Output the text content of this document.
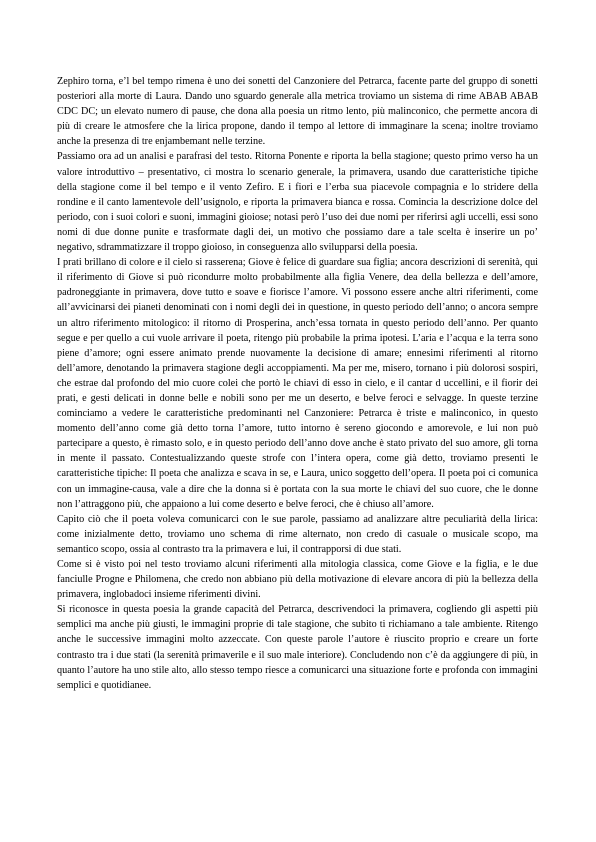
Zephiro torna, e’l bel tempo rimena è uno dei sonetti del Canzoniere del Petrarca, facente parte del gruppo di sonetti posteriori alla morte di Laura. Dando uno sguardo generale alla metrica troviamo un sistema di rime ABAB ABAB CDC DC; un elevato numero di pause, che dona alla poesia un ritmo lento, più malinconico, che permette ancora di più di creare le atmosfere che la lirica propone, dando il tempo al lettore di immaginare la scena; inoltre troviamo anche la presenza di tre enjambemant nelle terzine.

Passiamo ora ad un analisi e parafrasi del testo. Ritorna Ponente e riporta la bella stagione; questo primo verso ha un valore introduttivo – presentativo, ci mostra lo scenario generale, la primavera, usando due caratteristiche tipiche della stagione come il bel tempo e il vento Zefiro. E i fiori e l’erba sua piacevole compagnia e lo stridere della rondine e il canto lamentevole dell’usignolo, e riporta la primavera bianca e rossa. Comincia la descrizione dolce del periodo, con i suoi colori e suoni, immagini gioiose; notasi però l’uso dei due nomi per riferirsi agli uccelli, essi sono nomi di due donne punite e trasformate dagli dei, un motivo che possiamo dare a tale scelta è inserire un po’ negativo, sdrammatizzare il troppo gioioso, in conseguenza allo svilupparsi della poesia.

I prati brillano di colore e il cielo si rasserena; Giove è felice di guardare sua figlia; ancora descrizioni di serenità, qui il riferimento di Giove si può ricondurre molto probabilmente alla figlia Venere, dea della bellezza e dell’amore, padroneggiante in primavera, dove tutto e soave e fiorisce l’amore. Vi possono essere anche altri riferimenti, come all’avvicinarsi dei pianeti denominati con i nomi degli dei in questione, in questo periodo dell’anno; o ancora sempre un altro riferimento mitologico: il ritorno di Prosperina, anch’essa tornata in questo periodo dell’anno. Per quanto segue e per quello a cui vuole arrivare il poeta, ritengo più probabile la prima ipotesi. L’aria e l’acqua e la terra sono piene d’amore; ogni essere animato prende nuovamente la decisione di amare; ennesimi riferimenti al ritorno dell’amore, denotando la primavera stagione degli accoppiamenti. Ma per me, misero, tornano i più dolorosi sospiri, che estrae dal profondo del mio cuore colei che portò le chiavi di esso in cielo, e il cantar d uccellini, e il fiorir dei prati, e gesti delicati in donne belle e nobili sono per me un deserto, e belve feroci e selvagge. In queste terzine cominciamo a vedere le caratteristiche predominanti nel Canzoniere: Petrarca è triste e malinconico, in questo momento dell’anno come già detto torna l’amore, tutto intorno è sereno giocondo e amorevole, e lui non può partecipare a questo, è rimasto solo, e in questo periodo dell’anno dove anche è stato privato del suo amore, gli torna in mente il passato. Contestualizzando queste strofe con l’intera opera, come già detto, troviamo presenti le caratteristiche tipiche: Il poeta che analizza e scava in se, e Laura, unico soggetto dell’opera. Il poeta poi ci comunica con un immagine-causa, vale a dire che la donna si è portata con la sua morte le chiavi del suo cuore, che le donne non l’attraggono più, che appaiono a lui come deserto e belve feroci, che è chiuso all’amore.

Capito ciò che il poeta voleva comunicarci con le sue parole, passiamo ad analizzare altre peculiarità della lirica: come inizialmente detto, troviamo uno schema di rime alternato, non credo di casuale o musicale scopo, ma semantico scopo, ossia al contrasto tra la primavera e lui, il contrapporsi di due stati.

Come si è visto poi nel testo troviamo alcuni riferimenti alla mitologia classica, come Giove e la figlia, e le due fanciulle Progne e Philomena, che credo non abbiano più della motivazione di elevare ancora di più la bellezza della primavera, inglobadoci insieme riferimenti divini.

Si riconosce in questa poesia la grande capacità del Petrarca, descrivendoci la primavera, cogliendo gli aspetti più semplici ma anche più giusti, le immagini proprie di tale stagione, che subito ti richiamano a tale ambiente. Ritengo anche le successive immagini molto azzeccate. Con queste parole l’autore è riuscito proprio e creare un forte contrasto tra i due stati (la serenità primaverile e il suo male interiore). Concludendo non c’è da aggiungere di più, in quanto l’autore ha uno stile alto, allo stesso tempo riesce a comunicarci una situazione forte e profonda con immagini semplici e quotidianee.
